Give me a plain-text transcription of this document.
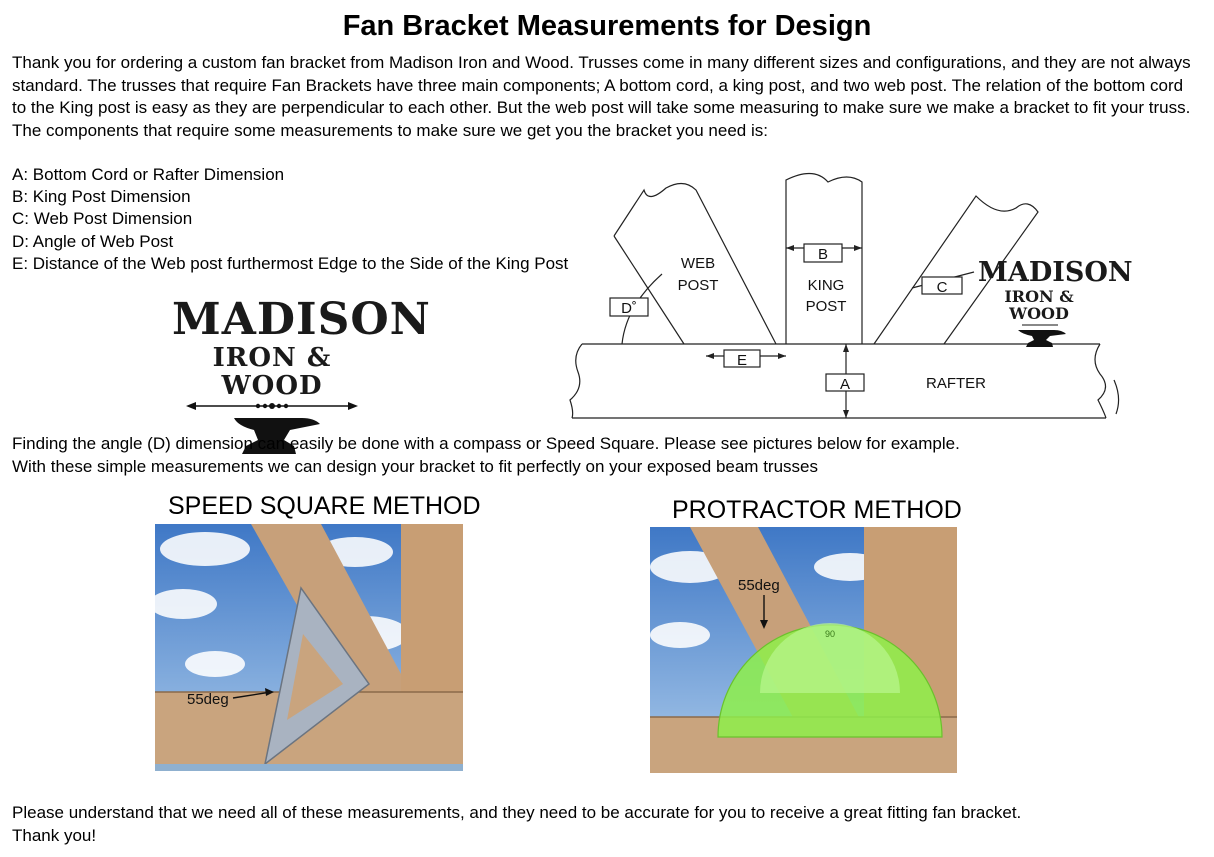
Fan Bracket Measurements for Design

Thank you for ordering a custom fan bracket from Madison Iron and Wood. Trusses come in many different sizes and configurations, and they are not always standard. The trusses that require Fan Brackets have three main components; A bottom cord, a king post, and two web post. The relation of the bottom cord to the King post is easy as they are perpendicular to each other. But the web post will take some measuring to make sure we make a bracket to fit your truss. The components that require some measurements to make sure we get you the bracket you need is:

A: Bottom Cord or Rafter Dimension
B: King Post Dimension
C: Web Post Dimension
D: Angle of Web Post
E: Distance of the Web post furthermost Edge to the Side of the King Post
MADISON
IRON & WOOD
B
E
A
C
D˚
WEB
POST	KING
POST
RAFTER
MADISON
IRON & WOOD

Finding the angle (D) dimension can easily be done with a compass or Speed Square. Please see pictures below for example.

With these simple measurements we can design your bracket to fit perfectly on your exposed beam trusses

SPEED SQUARE METHOD	PROTRACTOR METHOD
55deg
90
55deg

Please understand that we need all of these measurements, and they need to be accurate for you to receive a great fitting fan bracket.

Thank you!
